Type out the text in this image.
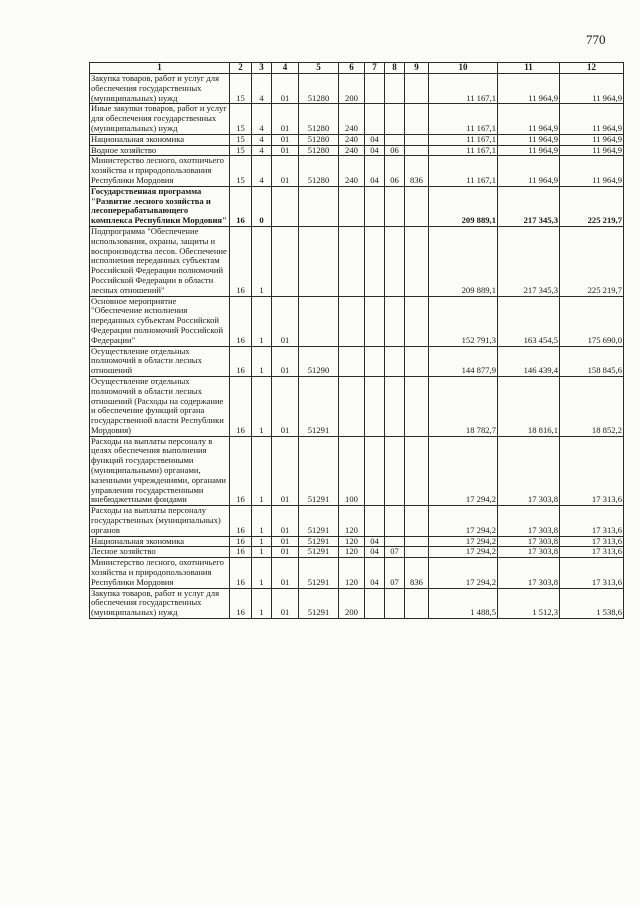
770
1	2	3	4	5	6	7	8	9	10	11	12
Закупка товаров, работ и услуг для обеспечения государственных (муниципальных) нужд	15	4	01	51280	200				11 167,1	11 964,9	11 964,9
Иные закупки товаров, работ и услуг для обеспечения государственных (муниципальных) нужд	15	4	01	51280	240				11 167,1	11 964,9	11 964,9
Национальная экономика	15	4	01	51280	240	04			11 167,1	11 964,9	11 964,9
Водное хозяйство	15	4	01	51280	240	04	06		11 167,1	11 964,9	11 964,9
Министерство лесного, охотничьего хозяйства и природопользования Республики Мордовия	15	4	01	51280	240	04	06	836	11 167,1	11 964,9	11 964,9
Государственная программа "Развитие лесного хозяйства и лесоперерабатывающего комплекса Республики Мордовия"	16	0							209 889,1	217 345,3	225 219,7
Подпрограмма "Обеспечение использования, охраны, защиты и воспроизводства лесов. Обеспечение исполнения переданных субъектам Российской Федерации полномочий Российской Федерации в области лесных отношений"	16	1							209 889,1	217 345,3	225 219,7
Основное мероприятие "Обеспечение исполнения переданных субъектам Российской Федерации полномочий Российской Федерации"	16	1	01						152 791,3	163 454,5	175 690,0
Осуществление отдельных полномочий в области лесных отношений	16	1	01	51290					144 877,9	146 439,4	158 845,6
Осуществление отдельных полномочий в области лесных отношений (Расходы на содержание и обеспечение функций органа государственной власти Республики Мордовия)	16	1	01	51291					18 782,7	18 816,1	18 852,2
Расходы на выплаты персоналу в целях обеспечения выполнения функций государственными (муниципальными) органами, казенными учреждениями, органами управления государственными внебюджетными фондами	16	1	01	51291	100				17 294,2	17 303,8	17 313,6
Расходы на выплаты персоналу государственных (муниципальных) органов	16	1	01	51291	120				17 294,2	17 303,8	17 313,6
Национальная экономика	16	1	01	51291	120	04			17 294,2	17 303,8	17 313,6
Лесное хозяйство	16	1	01	51291	120	04	07		17 294,2	17 303,8	17 313,6
Министерство лесного, охотничьего хозяйства и природопользования Республики Мордовия	16	1	01	51291	120	04	07	836	17 294,2	17 303,8	17 313,6
Закупка товаров, работ и услуг для обеспечения государственных (муниципальных) нужд	16	1	01	51291	200				1 488,5	1 512,3	1 538,6
